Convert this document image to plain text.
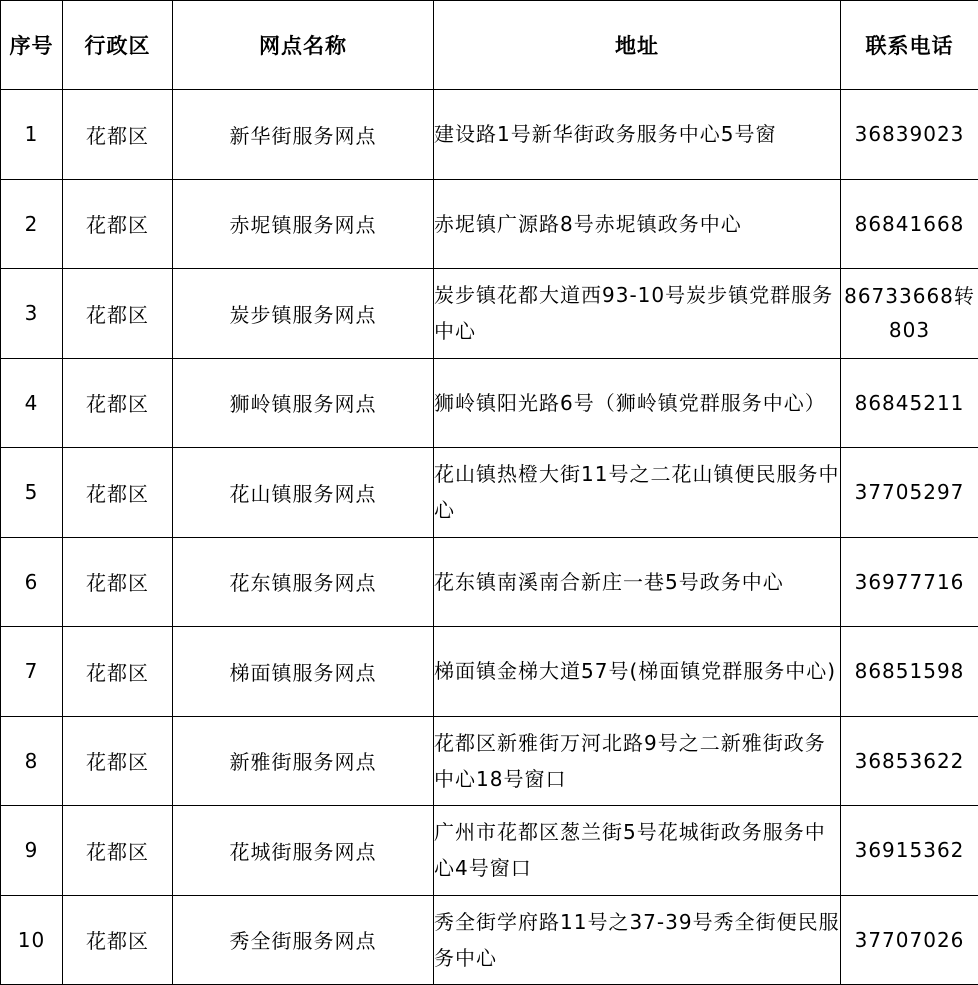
序号	行政区	网点名称	地址	联系电话

1	花都区	新华街服务网点	建设路1号新华街政务服务中心5号窗	36839023

2	花都区	赤坭镇服务网点	赤坭镇广源路8号赤坭镇政务中心	86841668

3	花都区	炭步镇服务网点	炭步镇花都大道西93-10号炭步镇党群服务中心	86733668转803

4	花都区	狮岭镇服务网点	狮岭镇阳光路6号（狮岭镇党群服务中心）	86845211

5	花都区	花山镇服务网点	花山镇热橙大街11号之二花山镇便民服务中心	37705297

6	花都区	花东镇服务网点	花东镇南溪南合新庄一巷5号政务中心	36977716

7	花都区	梯面镇服务网点	梯面镇金梯大道57号(梯面镇党群服务中心)	86851598

8	花都区	新雅街服务网点	花都区新雅街万河北路9号之二新雅街政务中心18号窗口	36853622

9	花都区	花城街服务网点	广州市花都区葱兰街5号花城街政务服务中心4号窗口	36915362

10	花都区	秀全街服务网点	秀全街学府路11号之37-39号秀全街便民服务中心	37707026
